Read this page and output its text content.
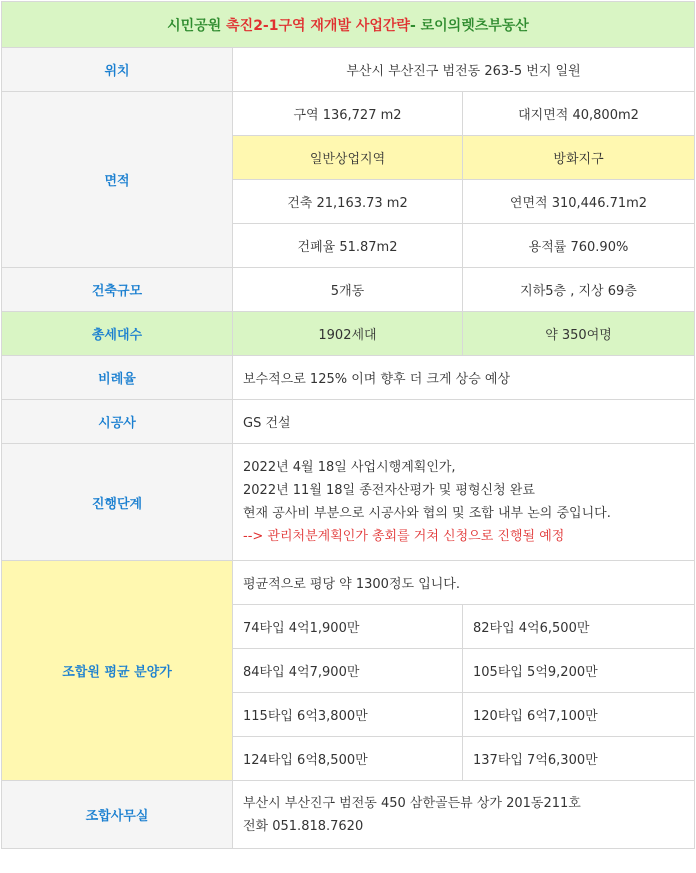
시민공원 촉진2-1구역 재개발 사업간략- 로이의렛츠부동산		
위치	부산시 부산진구 범전동 263-5 번지 일원	
면적	구역 136,727 m2	대지면적 40,800m2
	일반상업지역	방화지구
	건축 21,163.73 m2	연면적 310,446.71m2
	건폐율 51.87m2	용적률 760.90%
건축규모	5개동	지하5층 , 지상 69층
총세대수	1902세대	약 350여명
비례율	보수적으로 125% 이며 향후 더 크게 상승 예상	
시공사	GS 건설	
진행단계	2022년 4월 18일 사업시행계획인가,
2022년 11월 18일 종전자산평가 및 평형신청 완료
현재 공사비 부분으로 시공사와 협의 및 조합 내부 논의 중입니다.
--> 관리처분계획인가 총회를 거쳐 신청으로 진행될 예정	

조합원 평균 분양가	평균적으로 평당 약 1300정도 입니다.	
	74타입 4억1,900만	82타입 4억6,500만
	84타입 4억7,900만	105타입 5억9,200만
	115타입 6억3,800만	120타입 6억7,100만
	124타입 6억8,500만	137타입 7억6,300만
조합사무실	부산시 부산진구 범전동 450 삼한골든뷰 상가 201동211호
전화 051.818.7620	
